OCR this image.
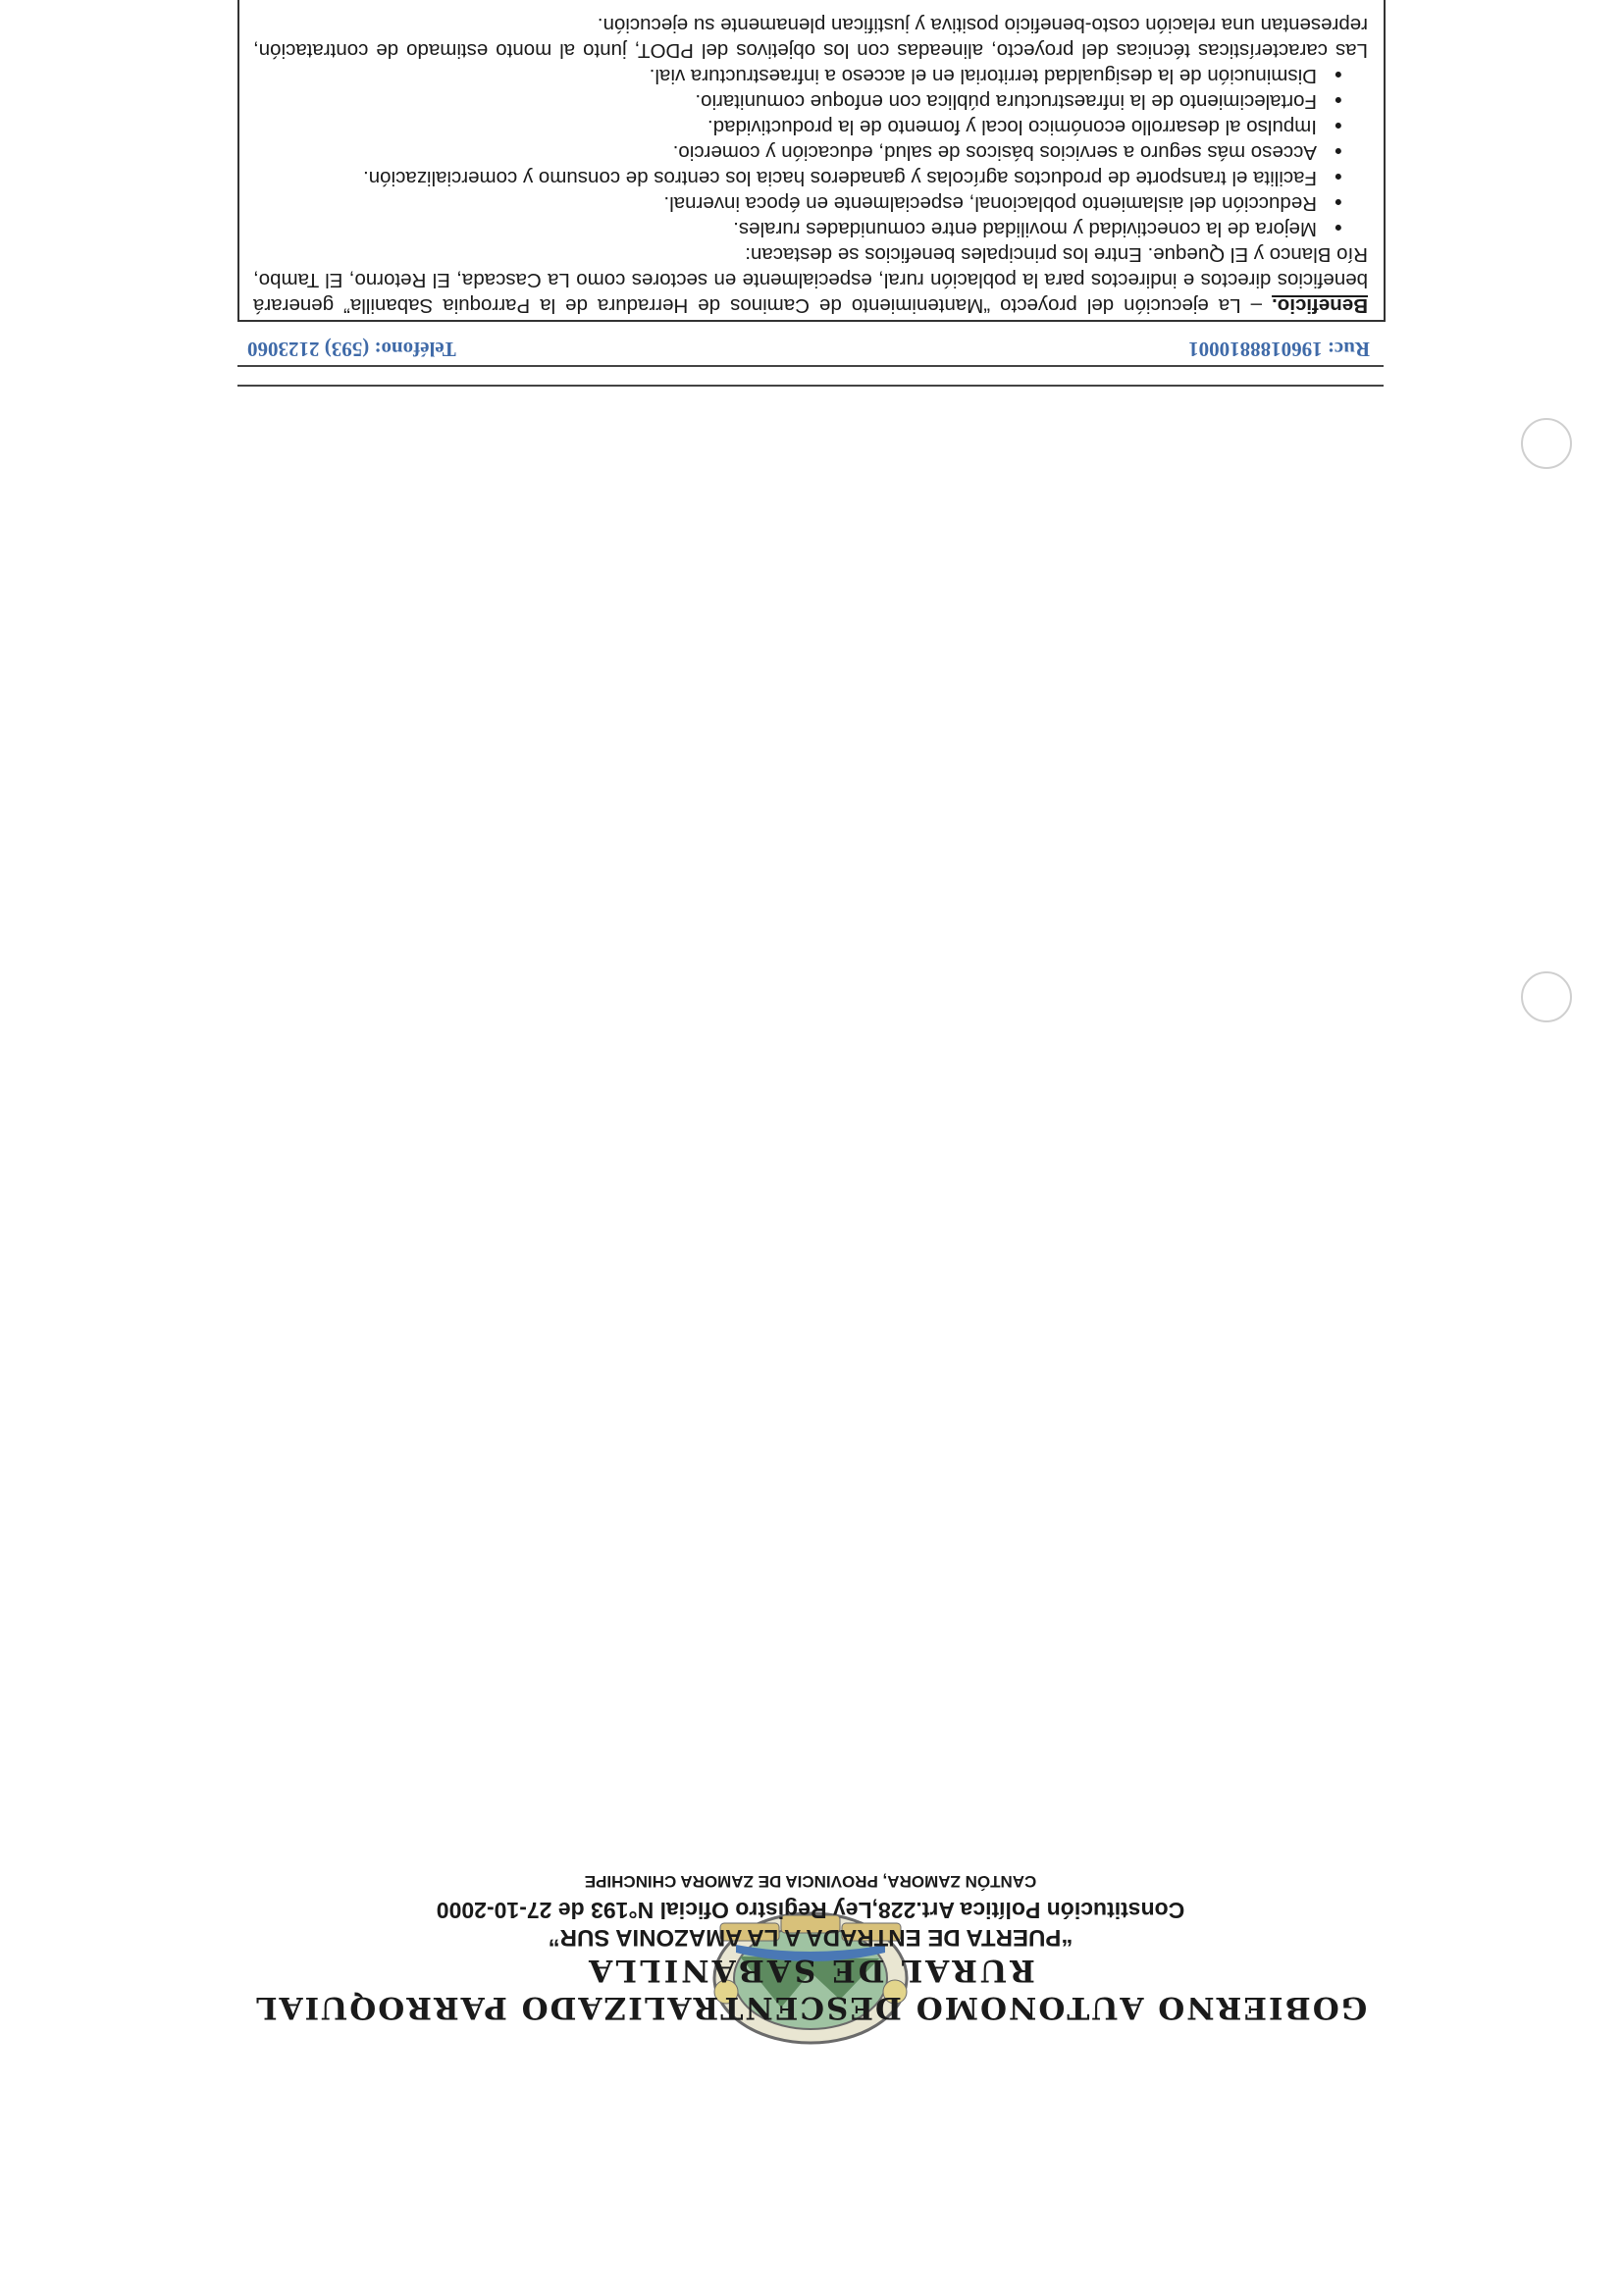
GOBIERNO AUTONOMO DESCENTRALIZADO PARROQUIAL
RURAL DE SABANILLA
“PUERTA DE ENTRADA A LA AMAZONIA SUR”
Constitución Política Art.228,Ley Registro Oficial N°193 de 27-10-2000
CANTÓN ZAMORA, PROVINCIA DE ZAMORA CHINCHIPE
Ruc: 1960188810001
Teléfono: (593) 2123060

Beneficio. – La ejecución del proyecto “Mantenimiento de Caminos de Herradura de la Parroquia Sabanilla” generará beneficios directos e indirectos para la población rural, especialmente en sectores como La Cascada, El Retorno, El Tambo, Río Blanco y El Queque. Entre los principales beneficios se destacan:

● Mejora de la conectividad y movilidad entre comunidades rurales.
● Reducción del aislamiento poblacional, especialmente en época invernal.
● Facilita el transporte de productos agrícolas y ganaderos hacia los centros de consumo y comercialización.
● Acceso más seguro a servicios básicos de salud, educación y comercio.
● Impulso al desarrollo económico local y fomento de la productividad.
● Fortalecimiento de la infraestructura pública con enfoque comunitario.
● Disminución de la desigualdad territorial en el acceso a infraestructura vial.

Las características técnicas del proyecto, alineadas con los objetivos del PDOT, junto al monto estimado de contratación, representan una relación costo-beneficio positiva y justifican plenamente su ejecución.
